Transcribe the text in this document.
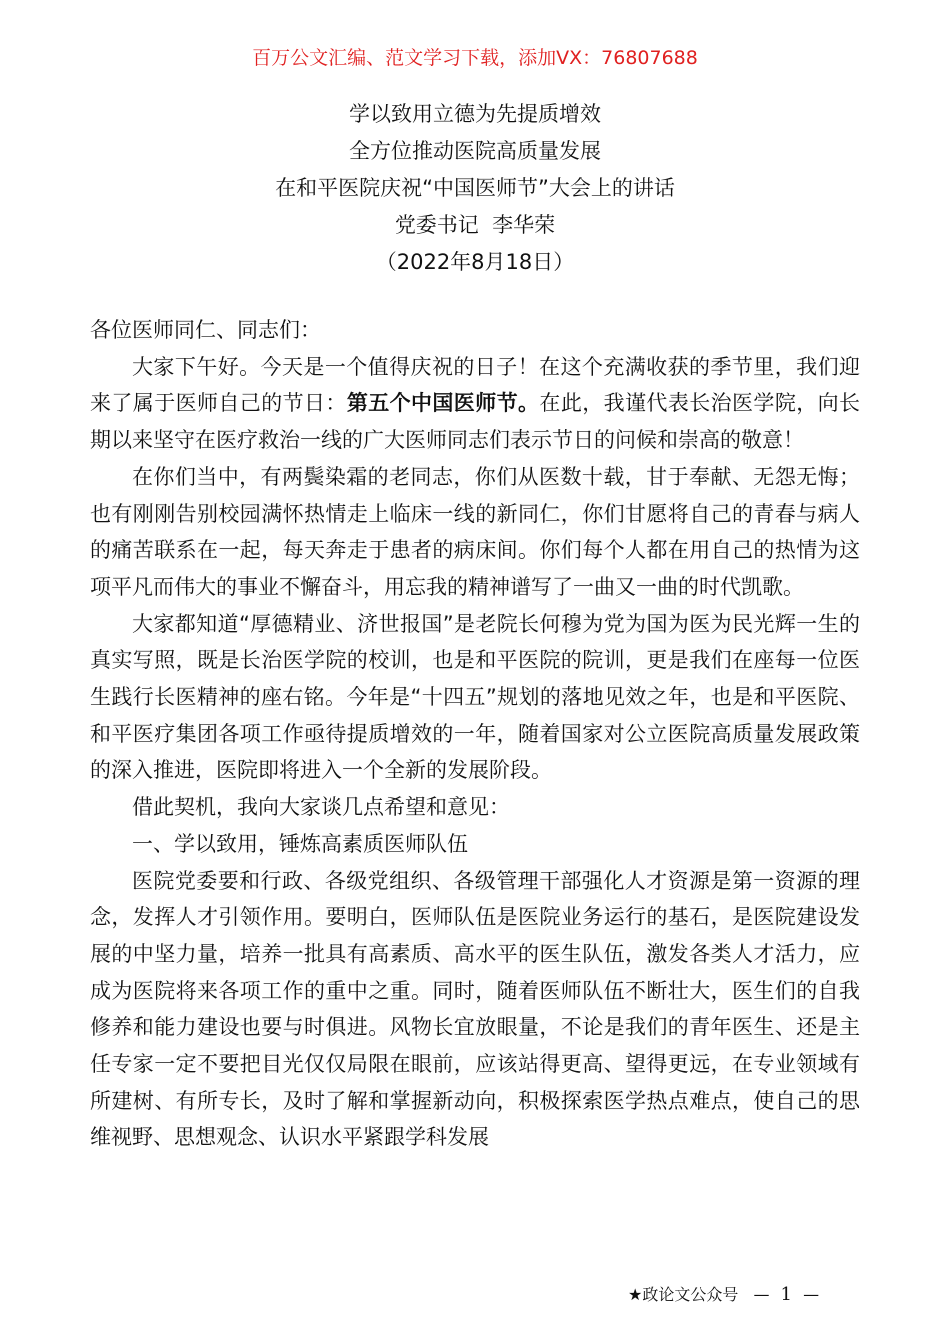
百万公文汇编、范文学习下载，添加VX：76807688
学以致用立德为先提质增效
全方位推动医院高质量发展
在和平医院庆祝“中国医师节”大会上的讲话
党委书记  李华荣
（2022年8月18日）

各位医师同仁、同志们：

大家下午好。今天是一个值得庆祝的日子！在这个充满收获的季节里，我们迎来了属于医师自己的节日：第五个中国医师节。在此，我谨代表长治医学院，向长期以来坚守在医疗救治一线的广大医师同志们表示节日的问候和崇高的敬意！

在你们当中，有两鬓染霜的老同志，你们从医数十载，甘于奉献、无怨无悔；也有刚刚告别校园满怀热情走上临床一线的新同仁，你们甘愿将自己的青春与病人的痛苦联系在一起，每天奔走于患者的病床间。你们每个人都在用自己的热情为这项平凡而伟大的事业不懈奋斗，用忘我的精神谱写了一曲又一曲的时代凯歌。

大家都知道“厚德精业、济世报国”是老院长何穆为党为国为医为民光辉一生的真实写照，既是长治医学院的校训，也是和平医院的院训，更是我们在座每一位医生践行长医精神的座右铭。今年是“十四五”规划的落地见效之年，也是和平医院、和平医疗集团各项工作亟待提质增效的一年，随着国家对公立医院高质量发展政策的深入推进，医院即将进入一个全新的发展阶段。

借此契机，我向大家谈几点希望和意见：

一、学以致用，锤炼高素质医师队伍

医院党委要和行政、各级党组织、各级管理干部强化人才资源是第一资源的理念，发挥人才引领作用。要明白，医师队伍是医院业务运行的基石，是医院建设发展的中坚力量，培养一批具有高素质、高水平的医生队伍，激发各类人才活力，应成为医院将来各项工作的重中之重。同时，随着医师队伍不断壮大，医生们的自我修养和能力建设也要与时俱进。风物长宜放眼量，不论是我们的青年医生、还是主任专家一定不要把目光仅仅局限在眼前，应该站得更高、望得更远，在专业领域有所建树、有所专长，及时了解和掌握新动向，积极探索医学热点难点，使自己的思维视野、思想观念、认识水平紧跟学科发展

★政论文公众号 — 1 —
